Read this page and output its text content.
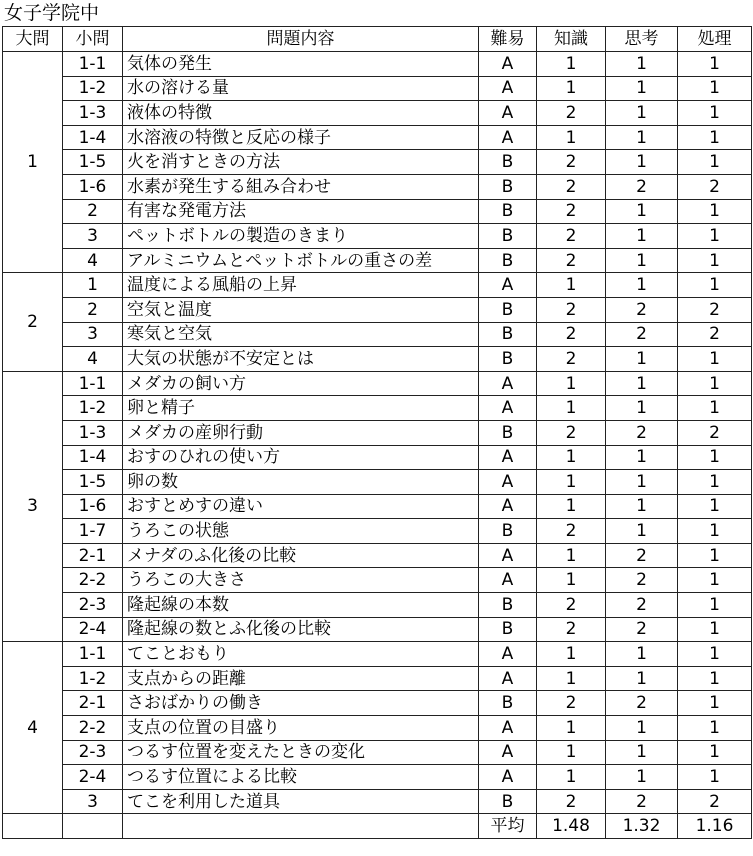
女子学院中
大問	小問	問題内容	難易	知識	思考	処理
1	1-1	気体の発生	A	1	1	1
	1-2	水の溶ける量	A	1	1	1
	1-3	液体の特徴	A	2	1	1
	1-4	水溶液の特徴と反応の様子	A	1	1	1
	1-5	火を消すときの方法	B	2	1	1
	1-6	水素が発生する組み合わせ	B	2	2	2
	2	有害な発電方法	B	2	1	1
	3	ペットボトルの製造のきまり	B	2	1	1
	4	アルミニウムとペットボトルの重さの差	B	2	1	1
2	1	温度による風船の上昇	A	1	1	1
	2	空気と温度	B	2	2	2
	3	寒気と空気	B	2	2	2
	4	大気の状態が不安定とは	B	2	1	1
3	1-1	メダカの飼い方	A	1	1	1
	1-2	卵と精子	A	1	1	1
	1-3	メダカの産卵行動	B	2	2	2
	1-4	おすのひれの使い方	A	1	1	1
	1-5	卵の数	A	1	1	1
	1-6	おすとめすの違い	A	1	1	1
	1-7	うろこの状態	B	2	1	1
	2-1	メナダのふ化後の比較	A	1	2	1
	2-2	うろこの大きさ	A	1	2	1
	2-3	隆起線の本数	B	2	2	1
	2-4	隆起線の数とふ化後の比較	B	2	2	1
4	1-1	てことおもり	A	1	1	1
	1-2	支点からの距離	A	1	1	1
	2-1	さおばかりの働き	B	2	2	1
	2-2	支点の位置の目盛り	A	1	1	1
	2-3	つるす位置を変えたときの変化	A	1	1	1
	2-4	つるす位置による比較	A	1	1	1
	3	てこを利用した道具	B	2	2	2
			平均	1.48	1.32	1.16
